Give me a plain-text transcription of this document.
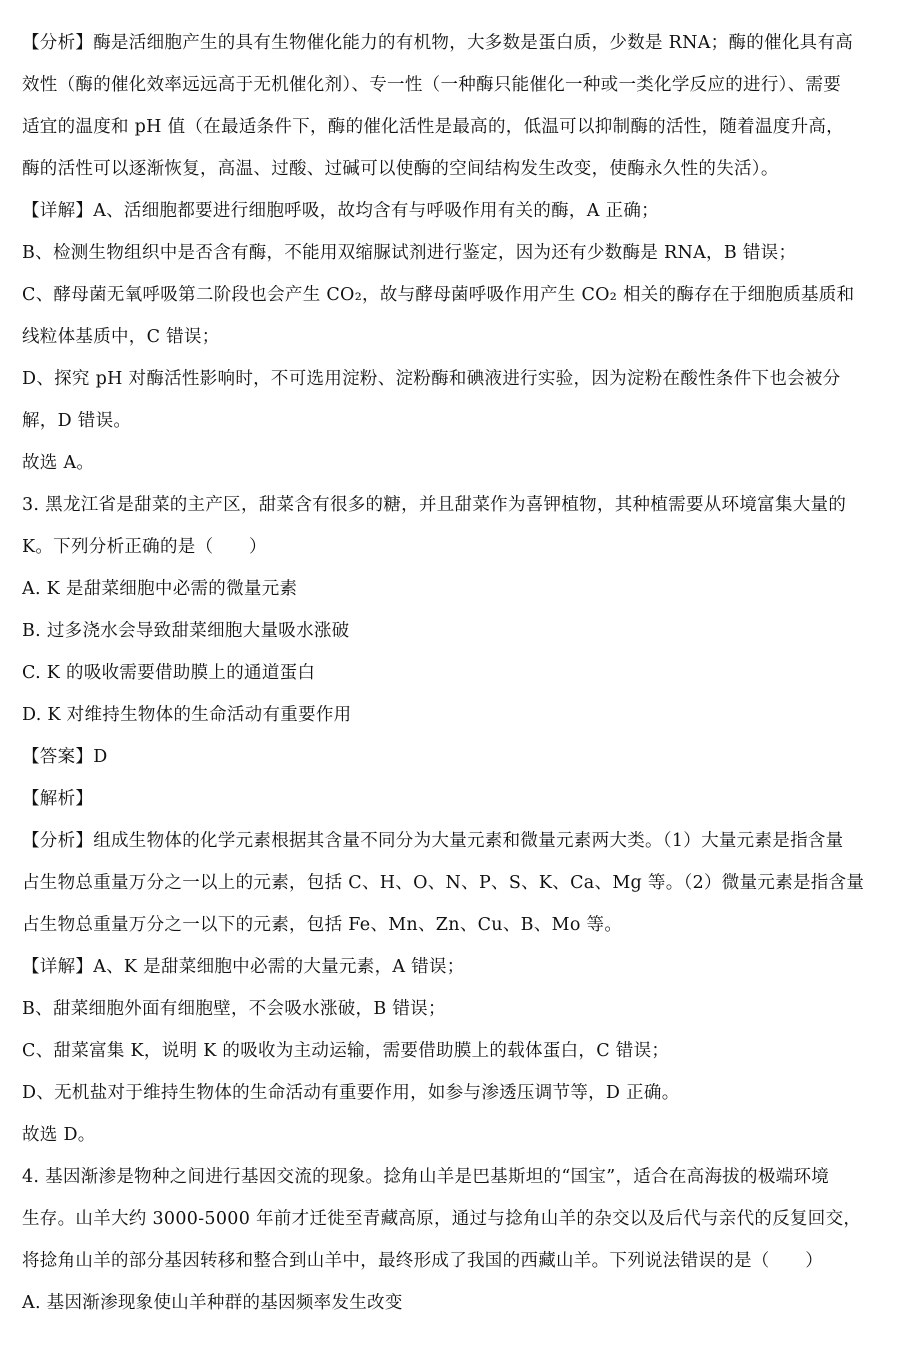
【分析】酶是活细胞产生的具有生物催化能力的有机物，大多数是蛋白质，少数是 RNA；酶的催化具有高
效性（酶的催化效率远远高于无机催化剂）、专一性（一种酶只能催化一种或一类化学反应的进行）、需要
适宜的温度和 pH 值（在最适条件下，酶的催化活性是最高的，低温可以抑制酶的活性，随着温度升高，
酶的活性可以逐渐恢复，高温、过酸、过碱可以使酶的空间结构发生改变，使酶永久性的失活）。
【详解】A、活细胞都要进行细胞呼吸，故均含有与呼吸作用有关的酶，A 正确；
B、检测生物组织中是否含有酶，不能用双缩脲试剂进行鉴定，因为还有少数酶是 RNA，B 错误；
C、酵母菌无氧呼吸第二阶段也会产生 CO₂，故与酵母菌呼吸作用产生 CO₂ 相关的酶存在于细胞质基质和
线粒体基质中，C 错误；
D、探究 pH 对酶活性影响时，不可选用淀粉、淀粉酶和碘液进行实验，因为淀粉在酸性条件下也会被分
解，D 错误。
故选 A。
3. 黑龙江省是甜菜的主产区，甜菜含有很多的糖，并且甜菜作为喜钾植物，其种植需要从环境富集大量的
K。下列分析正确的是（　　）
A. K 是甜菜细胞中必需的微量元素
B. 过多浇水会导致甜菜细胞大量吸水涨破
C. K 的吸收需要借助膜上的通道蛋白
D. K 对维持生物体的生命活动有重要作用
【答案】D
【解析】
【分析】组成生物体的化学元素根据其含量不同分为大量元素和微量元素两大类。（1）大量元素是指含量
占生物总重量万分之一以上的元素，包括 C、H、O、N、P、S、K、Ca、Mg 等。（2）微量元素是指含量
占生物总重量万分之一以下的元素，包括 Fe、Mn、Zn、Cu、B、Mo 等。
【详解】A、K 是甜菜细胞中必需的大量元素，A 错误；
B、甜菜细胞外面有细胞壁，不会吸水涨破，B 错误；
C、甜菜富集 K，说明 K 的吸收为主动运输，需要借助膜上的载体蛋白，C 错误；
D、无机盐对于维持生物体的生命活动有重要作用，如参与渗透压调节等，D 正确。
故选 D。
4. 基因渐渗是物种之间进行基因交流的现象。捻角山羊是巴基斯坦的“国宝”，适合在高海拔的极端环境
生存。山羊大约 3000-5000 年前才迁徙至青藏高原，通过与捻角山羊的杂交以及后代与亲代的反复回交，
将捻角山羊的部分基因转移和整合到山羊中，最终形成了我国的西藏山羊。下列说法错误的是（　　）
A. 基因渐渗现象使山羊种群的基因频率发生改变
